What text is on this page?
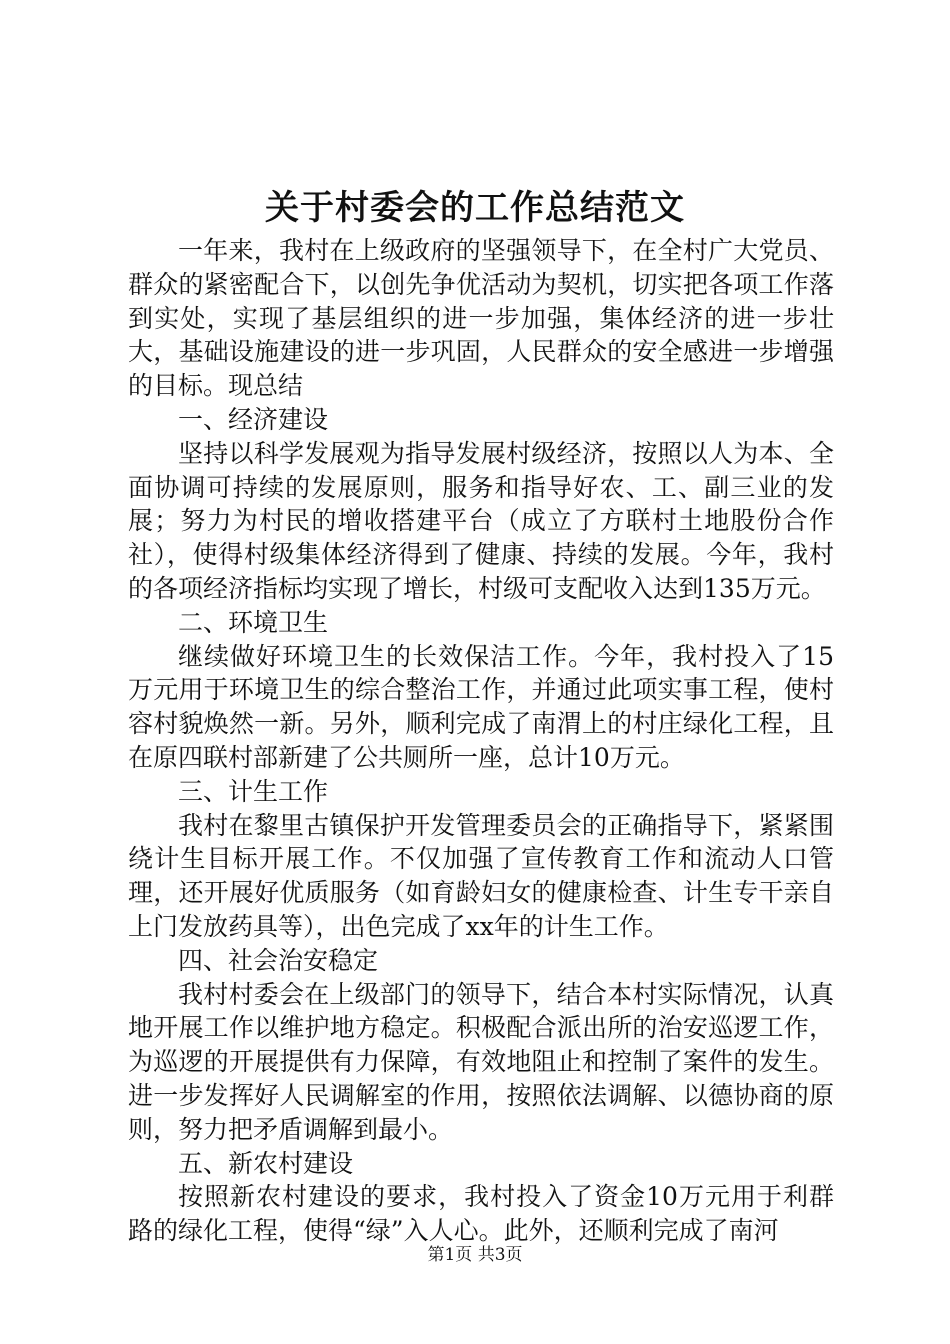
关于村委会的工作总结范文

一年来，我村在上级政府的坚强领导下，在全村广大党员、群众的紧密配合下，以创先争优活动为契机，切实把各项工作落到实处，实现了基层组织的进一步加强，集体经济的进一步壮大，基础设施建设的进一步巩固，人民群众的安全感进一步增强的目标。现总结

一、经济建设

坚持以科学发展观为指导发展村级经济，按照以人为本、全面协调可持续的发展原则，服务和指导好农、工、副三业的发展；努力为村民的增收搭建平台（成立了方联村土地股份合作社），使得村级集体经济得到了健康、持续的发展。今年，我村的各项经济指标均实现了增长，村级可支配收入达到135万元。

二、环境卫生

继续做好环境卫生的长效保洁工作。今年，我村投入了15万元用于环境卫生的综合整治工作，并通过此项实事工程，使村容村貌焕然一新。另外，顺利完成了南渭上的村庄绿化工程，且在原四联村部新建了公共厕所一座，总计10万元。

三、计生工作

我村在黎里古镇保护开发管理委员会的正确指导下，紧紧围绕计生目标开展工作。不仅加强了宣传教育工作和流动人口管理，还开展好优质服务（如育龄妇女的健康检查、计生专干亲自上门发放药具等），出色完成了xx年的计生工作。

四、社会治安稳定

我村村委会在上级部门的领导下，结合本村实际情况，认真地开展工作以维护地方稳定。积极配合派出所的治安巡逻工作，为巡逻的开展提供有力保障，有效地阻止和控制了案件的发生。进一步发挥好人民调解室的作用，按照依法调解、以德协商的原则，努力把矛盾调解到最小。

五、新农村建设

按照新农村建设的要求，我村投入了资金10万元用于利群路的绿化工程，使得“绿”入人心。此外，还顺利完成了南河

第1页 共3页
